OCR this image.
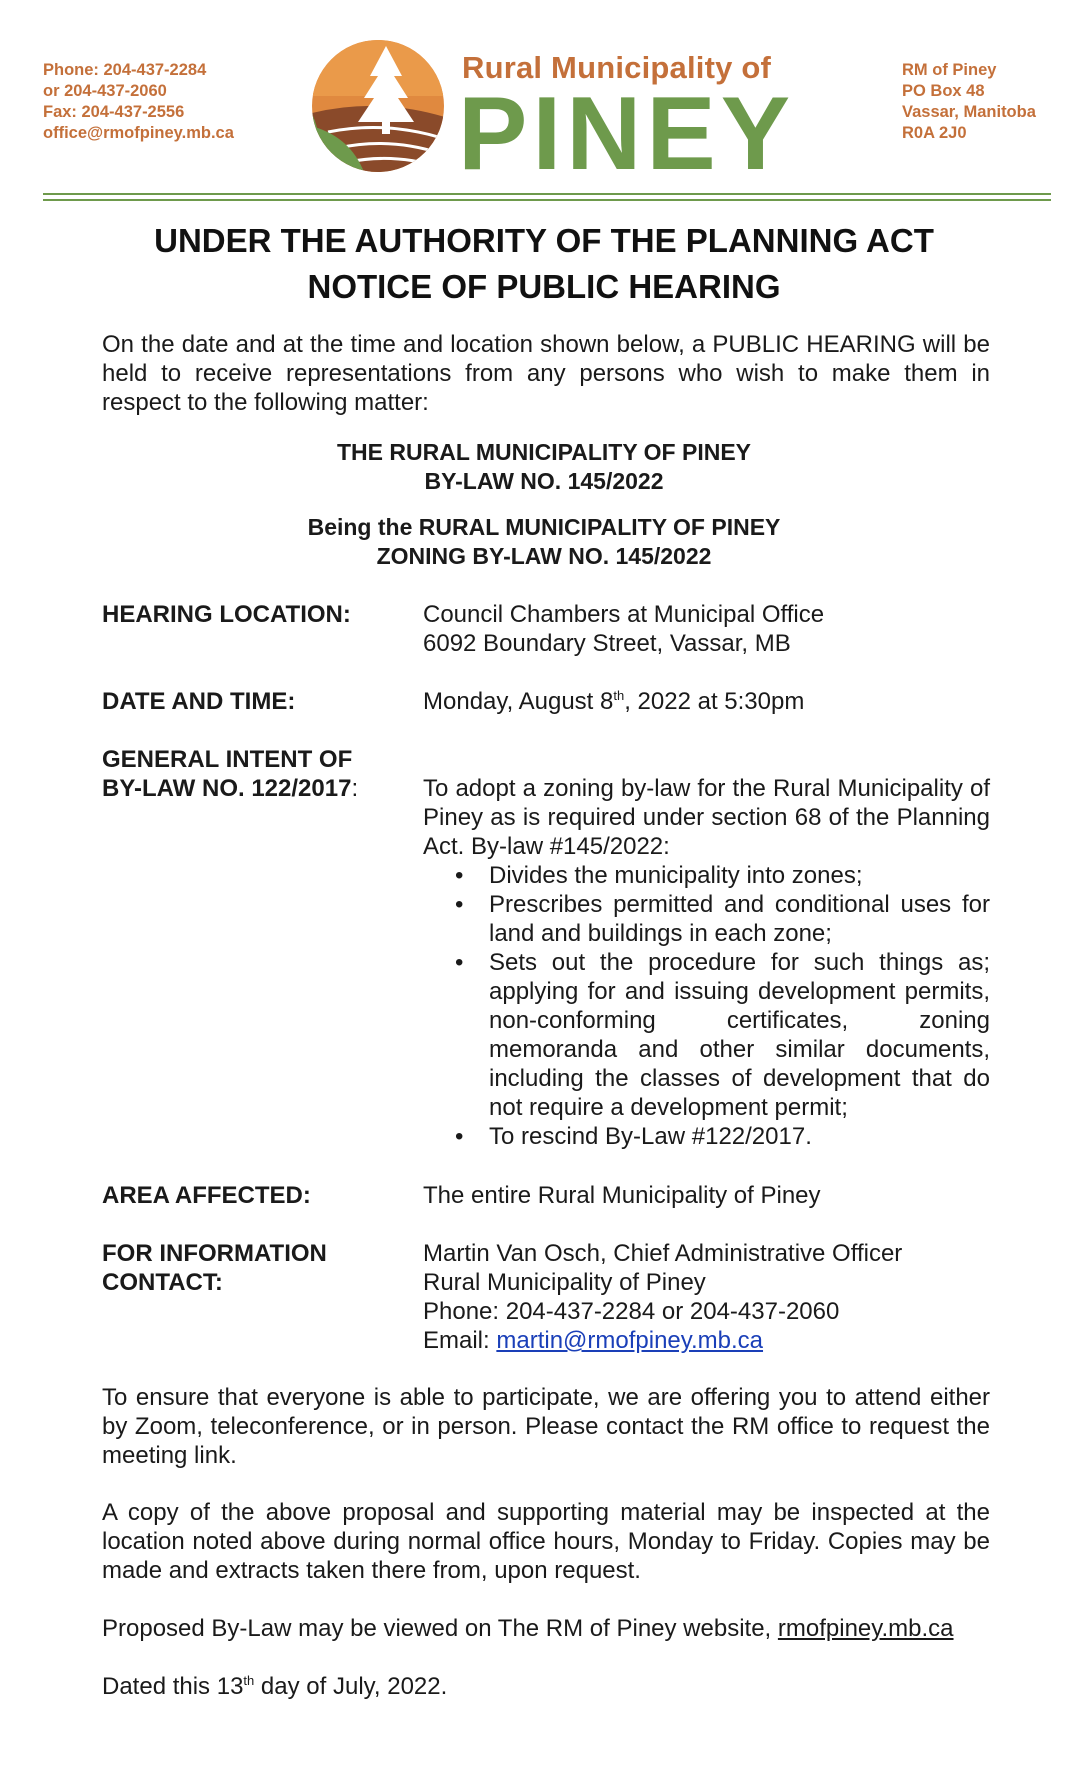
Phone: 204-437-2284
or 204-437-2060
Fax: 204-437-2556
office@rmofpiney.mb.ca
Rural Municipality of
PINEY
RM of Piney
PO Box 48
Vassar, Manitoba
R0A 2J0
UNDER THE AUTHORITY OF THE PLANNING ACT
NOTICE OF PUBLIC HEARING

On the date and at the time and location shown below, a PUBLIC HEARING will be held to receive representations from any persons who wish to make them in respect to the following matter:

THE RURAL MUNICIPALITY OF PINEY
BY-LAW NO. 145/2022
Being the RURAL MUNICIPALITY OF PINEY
ZONING BY-LAW NO. 145/2022
HEARING LOCATION:	Council Chambers at Municipal Office
6092 Boundary Street, Vassar, MB
DATE AND TIME:	Monday, August 8th, 2022 at 5:30pm
GENERAL INTENT OF
BY-LAW NO. 122/2017:	To adopt a zoning by-law for the Rural Municipality of Piney as is required under section 68 of the Planning Act. By-law #145/2022:
• Divides the municipality into zones;
• Prescribes permitted and conditional uses for land and buildings in each zone;
• Sets out the procedure for such things as; applying for and issuing development permits, non-conforming certificates, zoning memoranda and other similar documents, including the classes of development that do not require a development permit;
• To rescind By-Law #122/2017.
AREA AFFECTED:	The entire Rural Municipality of Piney
FOR INFORMATION
CONTACT:
Martin Van Osch, Chief Administrative Officer
Rural Municipality of Piney
Phone: 204-437-2284 or 204-437-2060
Email: martin@rmofpiney.mb.ca

To ensure that everyone is able to participate, we are offering you to attend either by Zoom, teleconference, or in person. Please contact the RM office to request the meeting link.

A copy of the above proposal and supporting material may be inspected at the location noted above during normal office hours, Monday to Friday. Copies may be made and extracts taken there from, upon request.

Proposed By-Law may be viewed on The RM of Piney website, rmofpiney.mb.ca

Dated this 13th day of July, 2022.
